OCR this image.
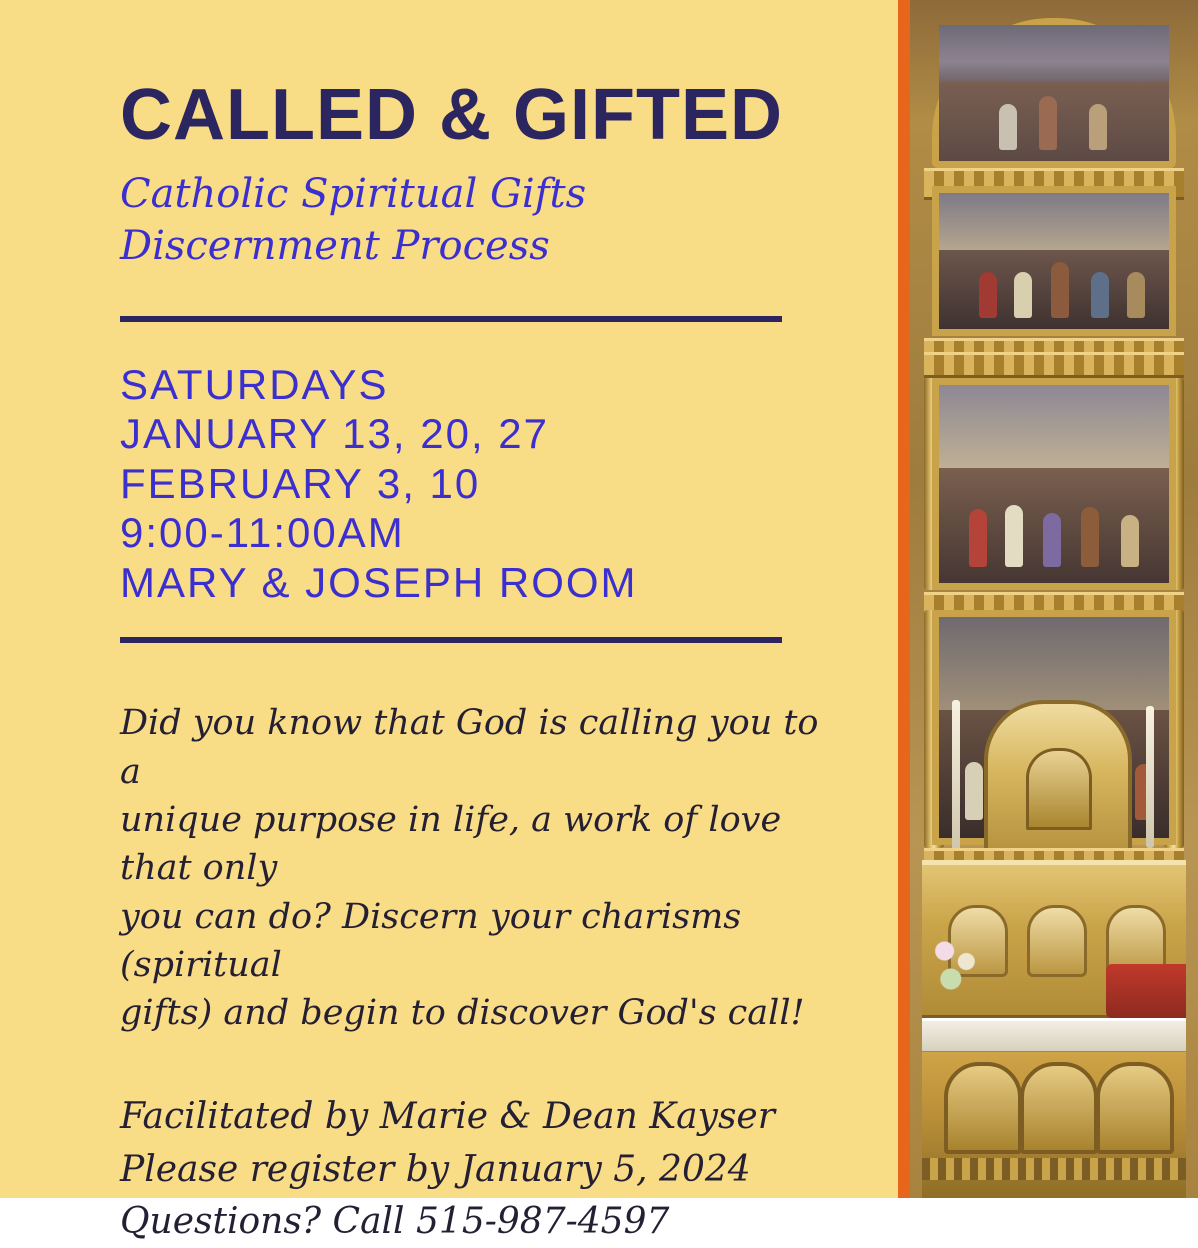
CALLED & GIFTED
Catholic Spiritual Gifts
Discernment Process
SATURDAYS
JANUARY 13, 20, 27
FEBRUARY 3, 10
9:00-11:00AM
MARY & JOSEPH ROOM
Did you know that God is calling you to a
unique purpose in life, a work of love that only
you can do? Discern your charisms (spiritual
gifts) and begin to discover God's call!
Facilitated by Marie & Dean Kayser
Please register by January 5, 2024
Questions? Call 515-987-4597
